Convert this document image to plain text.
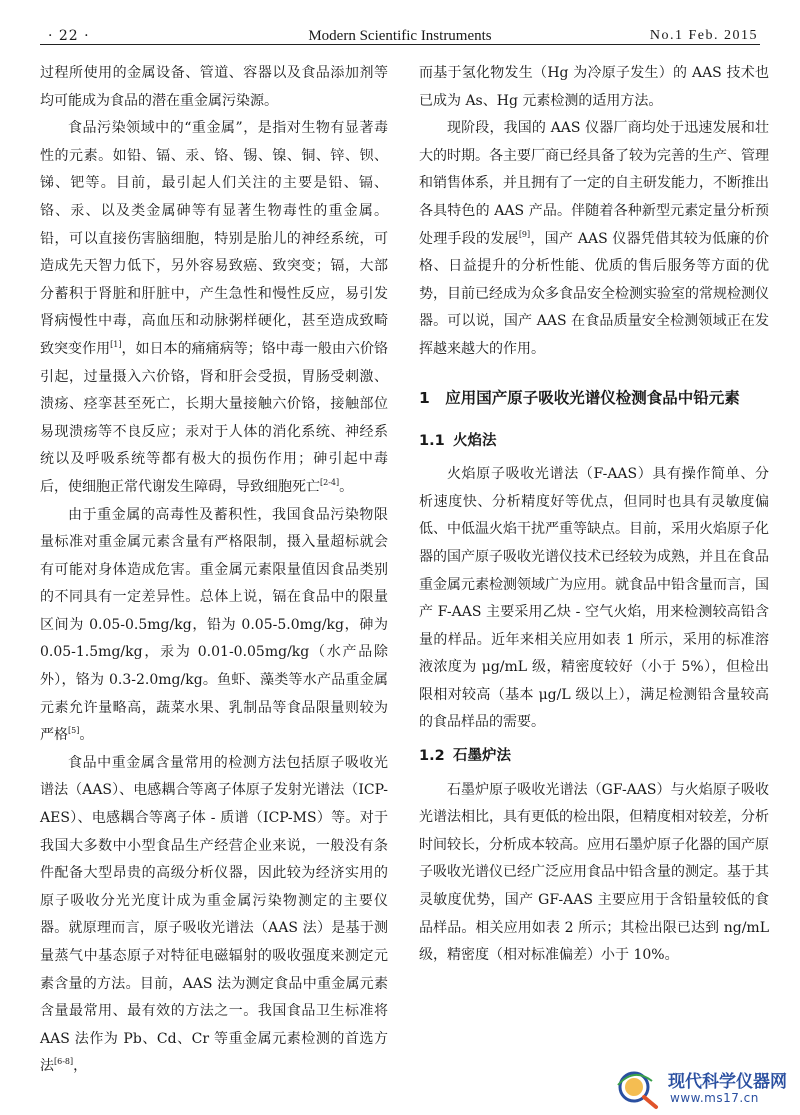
· 22 ·	Modern Scientific Instruments	No.1 Feb. 2015

过程所使用的金属设备、管道、容器以及食品添加剂等均可能成为食品的潜在重金属污染源。

食品污染领域中的“重金属”，是指对生物有显著毒性的元素。如铅、镉、汞、铬、锡、镍、铜、锌、钡、锑、钯等。目前，最引起人们关注的主要是铅、镉、铬、汞、以及类金属砷等有显著生物毒性的重金属。铅，可以直接伤害脑细胞，特别是胎儿的神经系统，可造成先天智力低下，另外容易致癌、致突变；镉，大部分蓄积于肾脏和肝脏中，产生急性和慢性反应，易引发肾病慢性中毒，高血压和动脉粥样硬化，甚至造成致畸致突变作用[1]，如日本的痛痛病等；铬中毒一般由六价铬引起，过量摄入六价铬，肾和肝会受损，胃肠受刺激、溃疡、痉挛甚至死亡，长期大量接触六价铬，接触部位易现溃疡等不良反应；汞对于人体的消化系统、神经系统以及呼吸系统等都有极大的损伤作用；砷引起中毒后，使细胞正常代谢发生障碍，导致细胞死亡[2-4]。

由于重金属的高毒性及蓄积性，我国食品污染物限量标准对重金属元素含量有严格限制，摄入量超标就会有可能对身体造成危害。重金属元素限量值因食品类别的不同具有一定差异性。总体上说，镉在食品中的限量区间为 0.05-0.5mg/kg，铅为 0.05-5.0mg/kg，砷为 0.05-1.5mg/kg，汞为 0.01-0.05mg/kg（水产品除外），铬为 0.3-2.0mg/kg。鱼虾、藻类等水产品重金属元素允许量略高，蔬菜水果、乳制品等食品限量则较为严格[5]。

食品中重金属含量常用的检测方法包括原子吸收光谱法（AAS）、电感耦合等离子体原子发射光谱法（ICP-AES）、电感耦合等离子体 - 质谱（ICP-MS）等。对于我国大多数中小型食品生产经营企业来说，一般没有条件配备大型昂贵的高级分析仪器，因此较为经济实用的原子吸收分光光度计成为重金属污染物测定的主要仪器。就原理而言，原子吸收光谱法（AAS 法）是基于测量蒸气中基态原子对特征电磁辐射的吸收强度来测定元素含量的方法。目前，AAS 法为测定食品中重金属元素含量最常用、最有效的方法之一。我国食品卫生标准将 AAS 法作为 Pb、Cd、Cr 等重金属元素检测的首选方法[6-8]，

而基于氢化物发生（Hg 为冷原子发生）的 AAS 技术也已成为 As、Hg 元素检测的适用方法。

现阶段，我国的 AAS 仪器厂商均处于迅速发展和壮大的时期。各主要厂商已经具备了较为完善的生产、管理和销售体系，并且拥有了一定的自主研发能力，不断推出各具特色的 AAS 产品。伴随着各种新型元素定量分析预处理手段的发展[9]，国产 AAS 仪器凭借其较为低廉的价格、日益提升的分析性能、优质的售后服务等方面的优势，目前已经成为众多食品安全检测实验室的常规检测仪器。可以说，国产 AAS 在食品质量安全检测领域正在发挥越来越大的作用。

1　应用国产原子吸收光谱仪检测食品中铅元素
1.1 火焰法

火焰原子吸收光谱法（F-AAS）具有操作简单、分析速度快、分析精度好等优点，但同时也具有灵敏度偏低、中低温火焰干扰严重等缺点。目前，采用火焰原子化器的国产原子吸收光谱仪技术已经较为成熟，并且在食品重金属元素检测领域广为应用。就食品中铅含量而言，国产 F-AAS 主要采用乙炔 - 空气火焰，用来检测较高铅含量的样品。近年来相关应用如表 1 所示，采用的标准溶液浓度为 μg/mL 级，精密度较好（小于 5%），但检出限相对较高（基本 μg/L 级以上），满足检测铅含量较高的食品样品的需要。

1.2 石墨炉法

石墨炉原子吸收光谱法（GF-AAS）与火焰原子吸收光谱法相比，具有更低的检出限，但精度相对较差，分析时间较长，分析成本较高。应用石墨炉原子化器的国产原子吸收光谱仪已经广泛应用食品中铅含量的测定。基于其灵敏度优势，国产 GF-AAS 主要应用于含铅量较低的食品样品。相关应用如表 2 所示；其检出限已达到 ng/mL 级，精密度（相对标准偏差）小于 10%。

现代科学仪器网
www.ms17.cn
